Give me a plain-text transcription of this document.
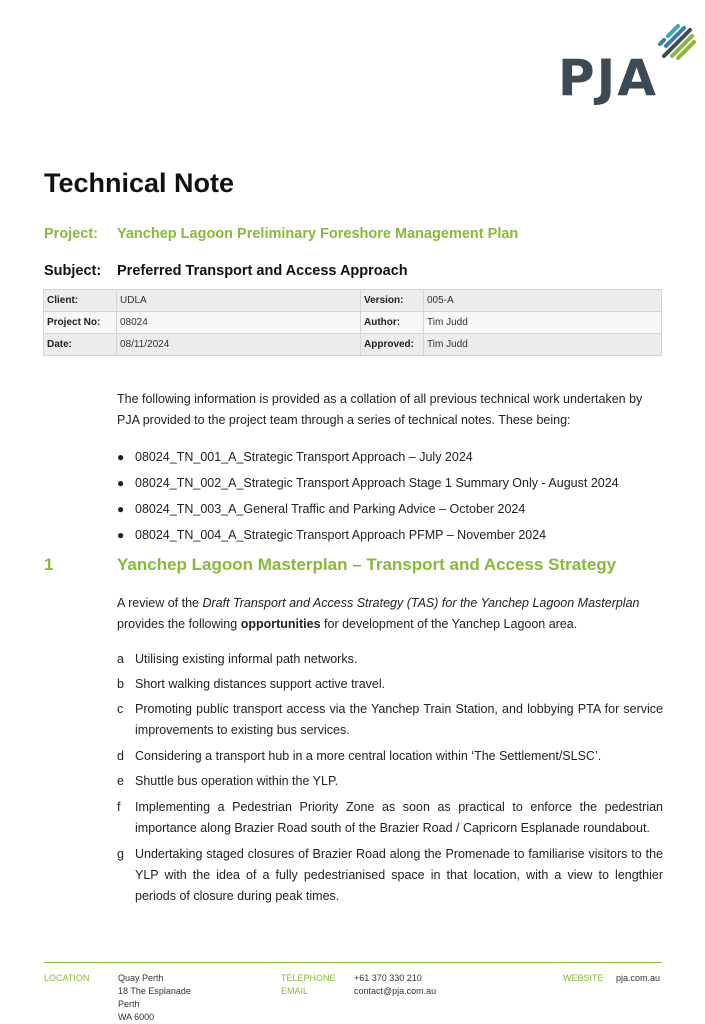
PJA
Technical Note
Project: Yanchep Lagoon Preliminary Foreshore Management Plan
Subject: Preferred Transport and Access Approach
Client:	UDLA	Version:	005-A
Project No:	08024	Author:	Tim Judd
Date:	08/11/2024	Approved:	Tim Judd
The following information is provided as a collation of all previous technical work undertaken by PJA provided to the project team through a series of technical notes. These being:
● 08024_TN_001_A_Strategic Transport Approach – July 2024
● 08024_TN_002_A_Strategic Transport Approach Stage 1 Summary Only - August 2024
● 08024_TN_003_A_General Traffic and Parking Advice – October 2024
● 08024_TN_004_A_Strategic Transport Approach PFMP – November 2024
1	Yanchep Lagoon Masterplan – Transport and Access Strategy
A review of the Draft Transport and Access Strategy (TAS) for the Yanchep Lagoon Masterplan provides the following opportunities for development of the Yanchep Lagoon area.
a Utilising existing informal path networks.
b Short walking distances support active travel.
c Promoting public transport access via the Yanchep Train Station, and lobbying PTA for service improvements to existing bus services.
d Considering a transport hub in a more central location within ‘The Settlement/SLSC’.
e Shuttle bus operation within the YLP.
f Implementing a Pedestrian Priority Zone as soon as practical to enforce the pedestrian importance along Brazier Road south of the Brazier Road / Capricorn Esplanade roundabout.
g Undertaking staged closures of Brazier Road along the Promenade to familiarise visitors to the YLP with the idea of a fully pedestrianised space in that location, with a view to lengthier periods of closure during peak times.
LOCATION	Quay Perth
18 The Esplanade
Perth
WA 6000
TELEPHONE +61 370 330 210
EMAIL	contact@pja.com.au
WEBSITE pja.com.au
